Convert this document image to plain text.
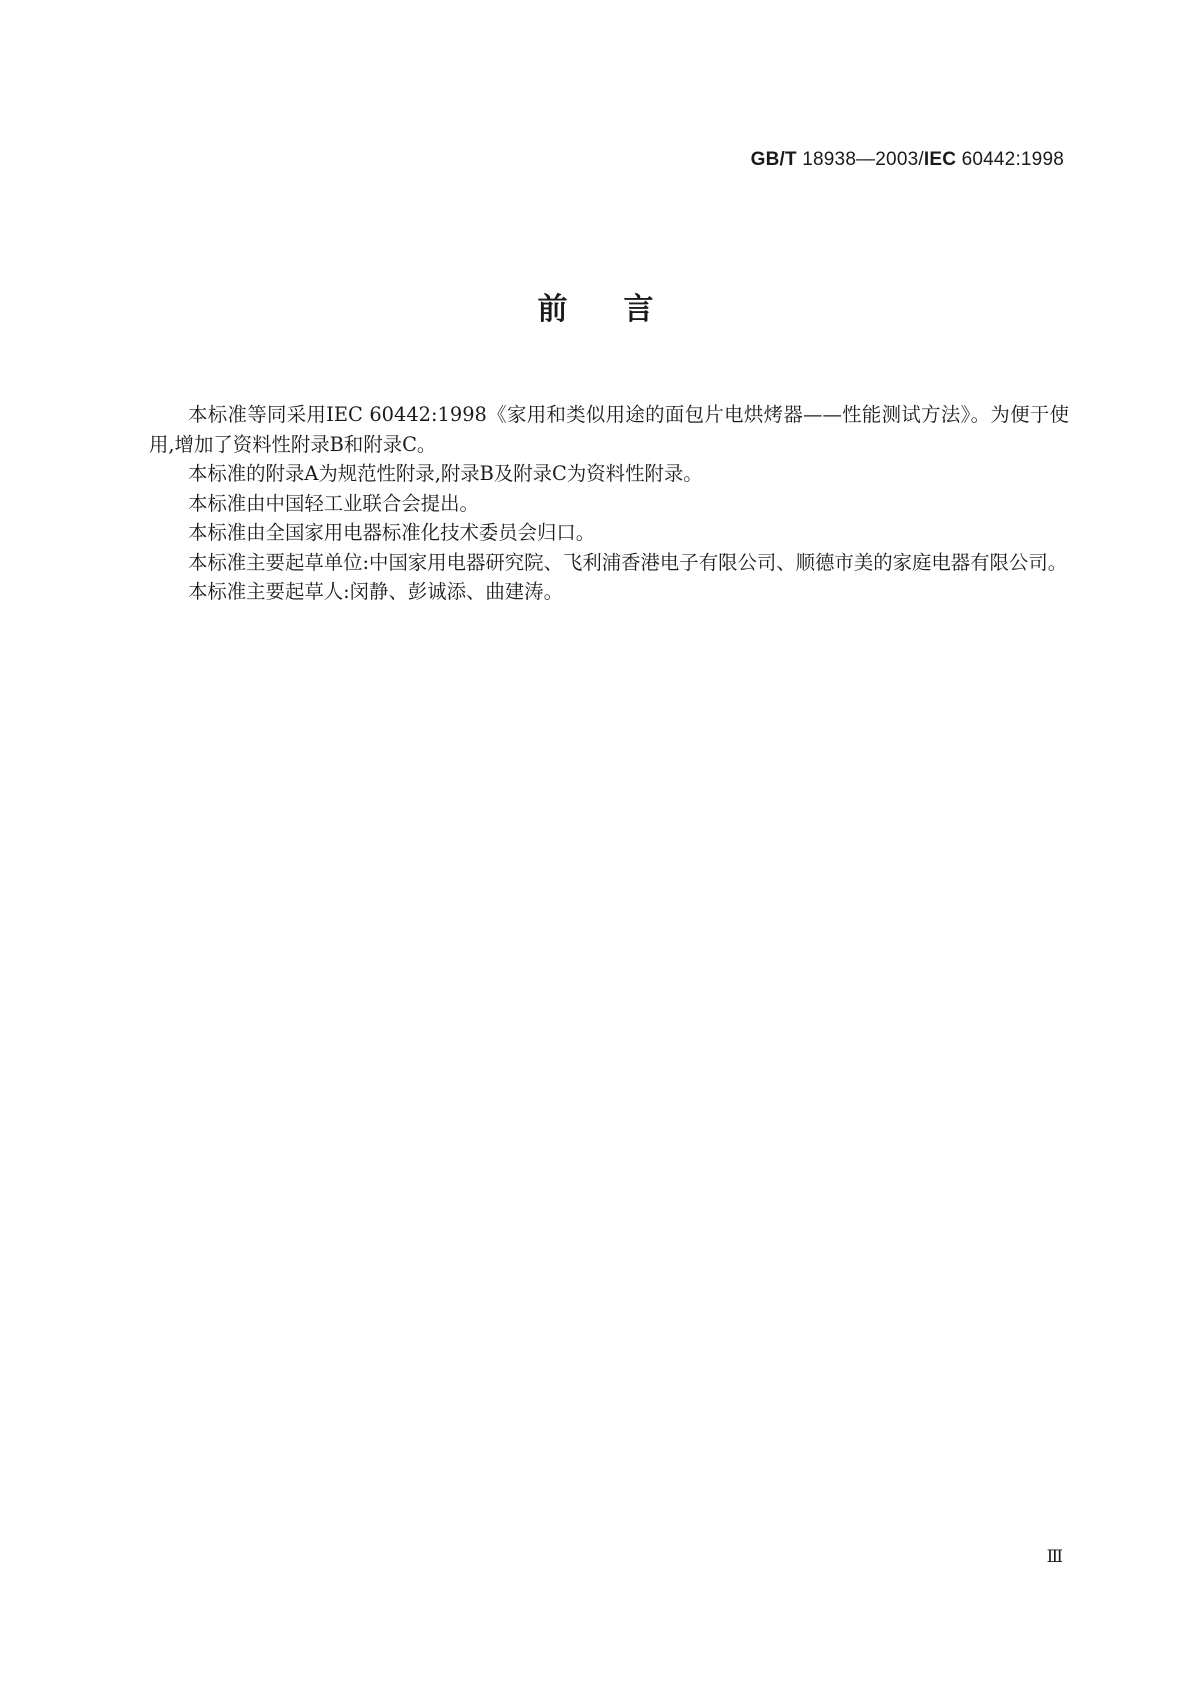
GB/T 18938—2003/IEC 60442:1998
前言

本标准等同采用IEC 60442:1998《家用和类似用途的面包片电烘烤器——性能测试方法》。为便于使用,增加了资料性附录B和附录C。

本标准的附录A为规范性附录,附录B及附录C为资料性附录。

本标准由中国轻工业联合会提出。

本标准由全国家用电器标准化技术委员会归口。

本标准主要起草单位:中国家用电器研究院、飞利浦香港电子有限公司、顺德市美的家庭电器有限公司。

本标准主要起草人:闵静、彭诚添、曲建涛。

Ⅲ
